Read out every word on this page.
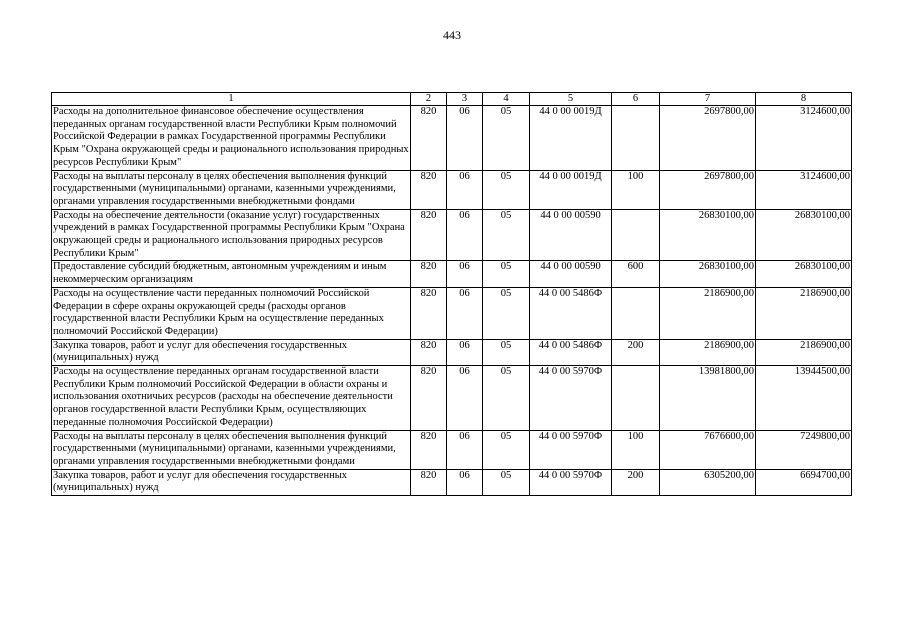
443
1	2	3	4	5	6	7	8
Расходы на дополнительное финансовое обеспечение осуществления переданных органам государственной власти Республики Крым полномочий Российской Федерации в рамках Государственной программы Республики Крым "Охрана окружающей среды и рационального использования природных ресурсов Республики Крым"	820	06	05	44 0 00 0019Д		2697800,00	3124600,00
Расходы на выплаты персоналу в целях обеспечения выполнения функций государственными (муниципальными) органами, казенными учреждениями, органами управления государственными внебюджетными фондами	820	06	05	44 0 00 0019Д	100	2697800,00	3124600,00
Расходы на обеспечение деятельности (оказание услуг) государственных учреждений в рамках Государственной программы Республики Крым "Охрана окружающей среды и рационального использования природных ресурсов Республики Крым"	820	06	05	44 0 00 00590		26830100,00	26830100,00
Предоставление субсидий бюджетным, автономным учреждениям и иным некоммерческим организациям	820	06	05	44 0 00 00590	600	26830100,00	26830100,00
Расходы на осуществление части переданных полномочий Российской Федерации в сфере охраны окружающей среды (расходы органов государственной власти Республики Крым на осуществление переданных полномочий Российской Федерации)	820	06	05	44 0 00 5486Ф		2186900,00	2186900,00
Закупка товаров, работ и услуг для обеспечения государственных (муниципальных) нужд	820	06	05	44 0 00 5486Ф	200	2186900,00	2186900,00
Расходы на осуществление переданных органам государственной власти Республики Крым полномочий Российской Федерации в области охраны и использования охотничьих ресурсов (расходы на обеспечение деятельности органов государственной власти Республики Крым, осуществляющих переданные полномочия Российской Федерации)	820	06	05	44 0 00 5970Ф		13981800,00	13944500,00
Расходы на выплаты персоналу в целях обеспечения выполнения функций государственными (муниципальными) органами, казенными учреждениями, органами управления государственными внебюджетными фондами	820	06	05	44 0 00 5970Ф	100	7676600,00	7249800,00
Закупка товаров, работ и услуг для обеспечения государственных (муниципальных) нужд	820	06	05	44 0 00 5970Ф	200	6305200,00	6694700,00
